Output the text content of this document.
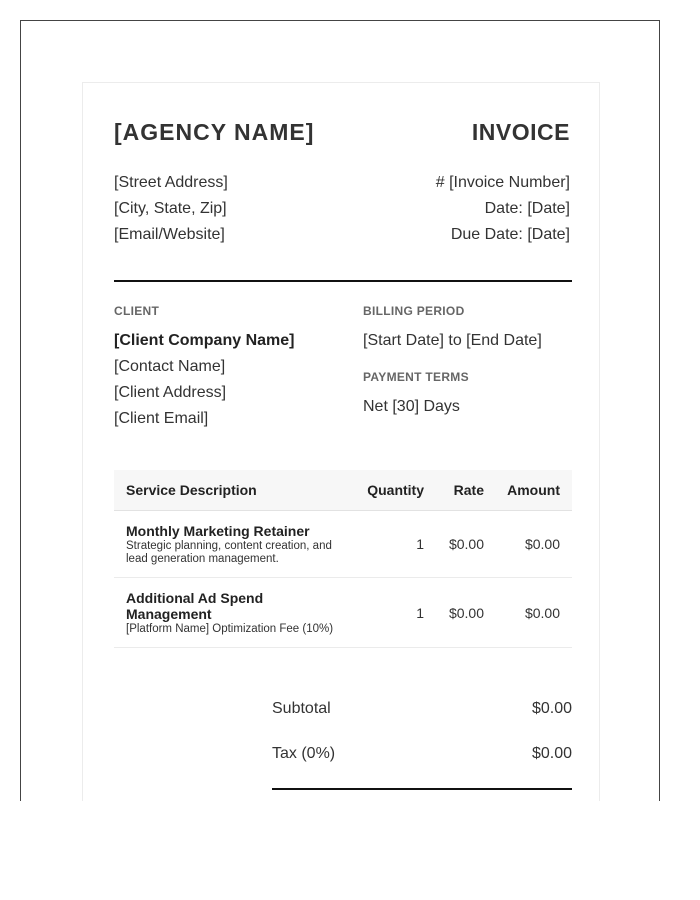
[AGENCY NAME]	INVOICE
[Street Address]
[City, State, Zip]
[Email/Website]
# [Invoice Number]
Date: [Date]
Due Date: [Date]
CLIENT
[Client Company Name]
[Contact Name]
[Client Address]
[Client Email]
BILLING PERIOD
[Start Date] to [End Date]
PAYMENT TERMS
Net [30] Days
Service Description	Quantity	Rate	Amount
Monthly Marketing Retainer
Strategic planning, content creation, and lead generation management.
1	$0.00	$0.00
Additional Ad Spend Management
[Platform Name] Optimization Fee (10%)
1	$0.00	$0.00
Subtotal	$0.00
Tax (0%)	$0.00
